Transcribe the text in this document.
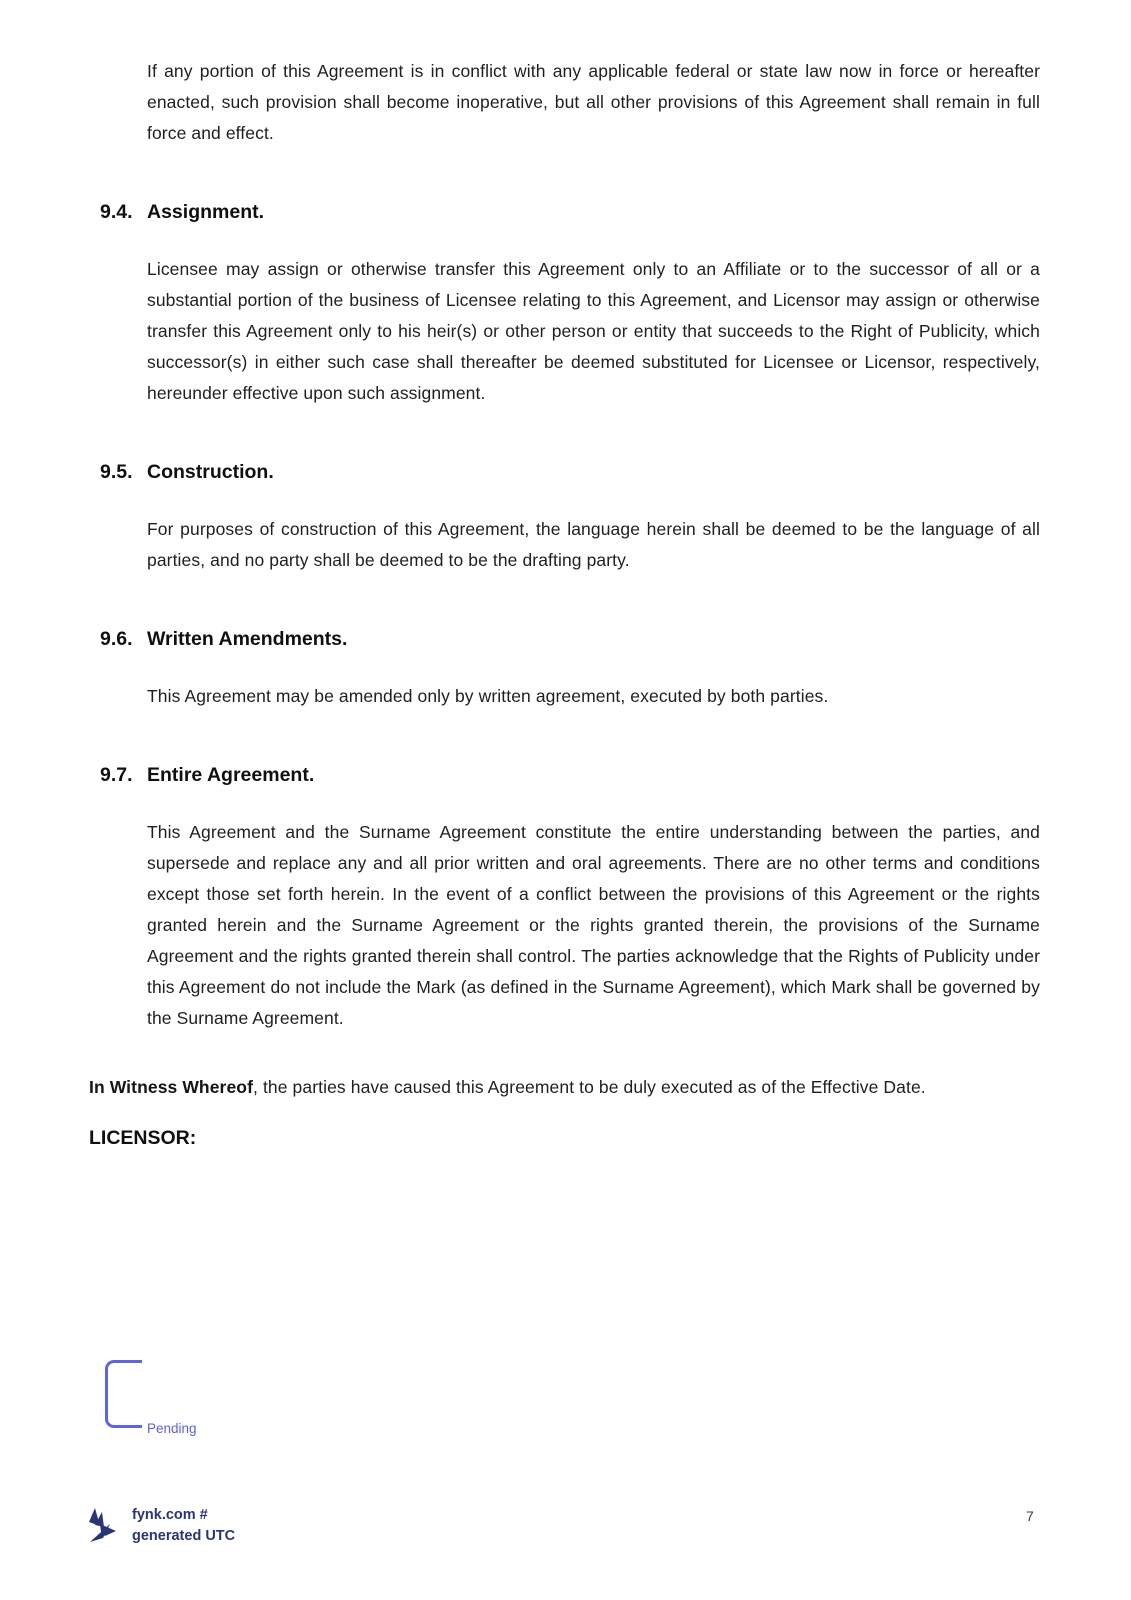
If any portion of this Agreement is in conflict with any applicable federal or state law now in force or hereafter enacted, such provision shall become inoperative, but all other provisions of this Agreement shall remain in full force and effect.

9.4. Assignment.

Licensee may assign or otherwise transfer this Agreement only to an Affiliate or to the successor of all or a substantial portion of the business of Licensee relating to this Agreement, and Licensor may assign or otherwise transfer this Agreement only to his heir(s) or other person or entity that succeeds to the Right of Publicity, which successor(s) in either such case shall thereafter be deemed substituted for Licensee or Licensor, respectively, hereunder effective upon such assignment.

9.5. Construction.

For purposes of construction of this Agreement, the language herein shall be deemed to be the language of all parties, and no party shall be deemed to be the drafting party.

9.6. Written Amendments.

This Agreement may be amended only by written agreement, executed by both parties.

9.7. Entire Agreement.

This Agreement and the Surname Agreement constitute the entire understanding between the parties, and supersede and replace any and all prior written and oral agreements. There are no other terms and conditions except those set forth herein. In the event of a conflict between the provisions of this Agreement or the rights granted herein and the Surname Agreement or the rights granted therein, the provisions of the Surname Agreement and the rights granted therein shall control. The parties acknowledge that the Rights of Publicity under this Agreement do not include the Mark (as defined in the Surname Agreement), which Mark shall be governed by the Surname Agreement.

In Witness Whereof, the parties have caused this Agreement to be duly executed as of the Effective Date.

LICENSOR:
Pending
fynk.com #
generated UTC
7
